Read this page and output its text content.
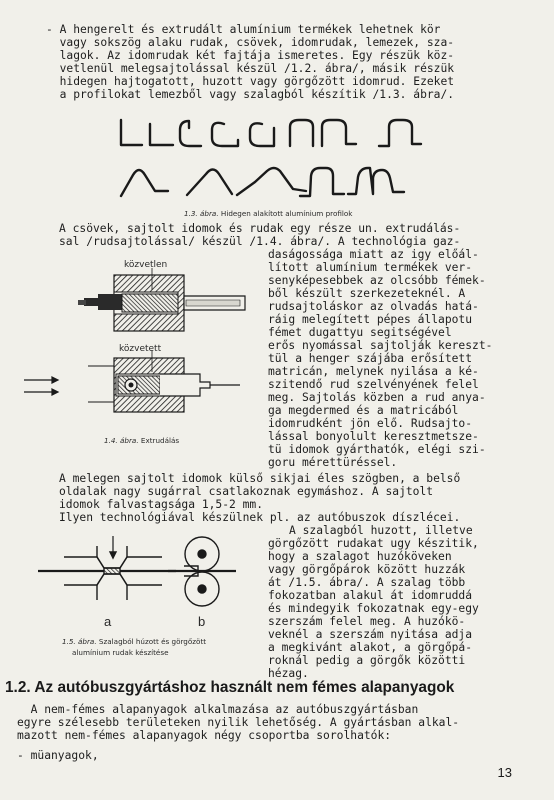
- A hengerelt és extrudált alumínium termékek lehetnek kör
vagy sokszög alaku rudak, csövek, idomrudak, lemezek, sza-
lagok. Az idomrudak két fajtája ismeretes. Egy részük köz-
vetlenül melegsajtolással készül /1.2. ábra/, másik részük
hidegen hajtogatott, huzott vagy görgőzött idomrud. Ezeket
a profilokat lemezből vagy szalagból készítik /1.3. ábra/.
1.3. ábra. Hidegen alakított alumínium profilok
A csövek, sajtolt idomok és rudak egy része un. extrudálás-
sal /rudsajtolással/ készül /1.4. ábra/. A technológia gaz-
daságossága miatt az igy előál-
lított alumínium termékek ver-
senyképesebbek az olcsóbb fémek-
ből készült szerkezeteknél. A
rudsajtoláskor az olvadás hatá-
ráig melegített pépes állapotu
fémet dugattyu segitségével
erős nyomással sajtolják kereszt-
tül a henger szájába erősített
matricán, melynek nyilása a ké-
szitendő rud szelvényének felel
meg. Sajtolás közben a rud anya-
ga megdermed és a matricából
idomrudként jön elő. Rudsajto-
lással bonyolult keresztmetsze-
tü idomok gyárthatók, elégi szi-
goru mérettüréssel.
közvetlen
közvetett
1.4. ábra. Extrudálás
A melegen sajtolt idomok külső sikjai éles szögben, a belső
oldalak nagy sugárral csatlakoznak egymáshoz. A sajtolt
idomok falvastagsága 1,5-2 mm.
Ilyen technológiával készülnek pl. az autóbuszok díszlécei.
A szalagból huzott, illetve
görgőzött rudakat ugy készitik,
hogy a szalagot huzóköveken
vagy görgőpárok között huzzák
át /1.5. ábra/. A szalag több
fokozatban alakul át idomruddá
és mindegyik fokozatnak egy-egy
szerszám felel meg. A huzókö-
veknél a szerszám nyitása adja
a megkivánt alakot, a görgőpá-
roknál pedig a görgők közötti
hézag.
a	b
1.5. ábra. Szalagból húzott és görgőzött
alumínium rudak készítése
1.2. Az autóbuszgyártáshoz használt nem fémes alapanyagok
A nem-fémes alapanyagok alkalmazása az autóbuszgyártásban
egyre szélesebb területeken nyilik lehetőség. A gyártásban alkal-
mazott nem-fémes alapanyagok négy csoportba sorolhatók:
- müanyagok,
13
